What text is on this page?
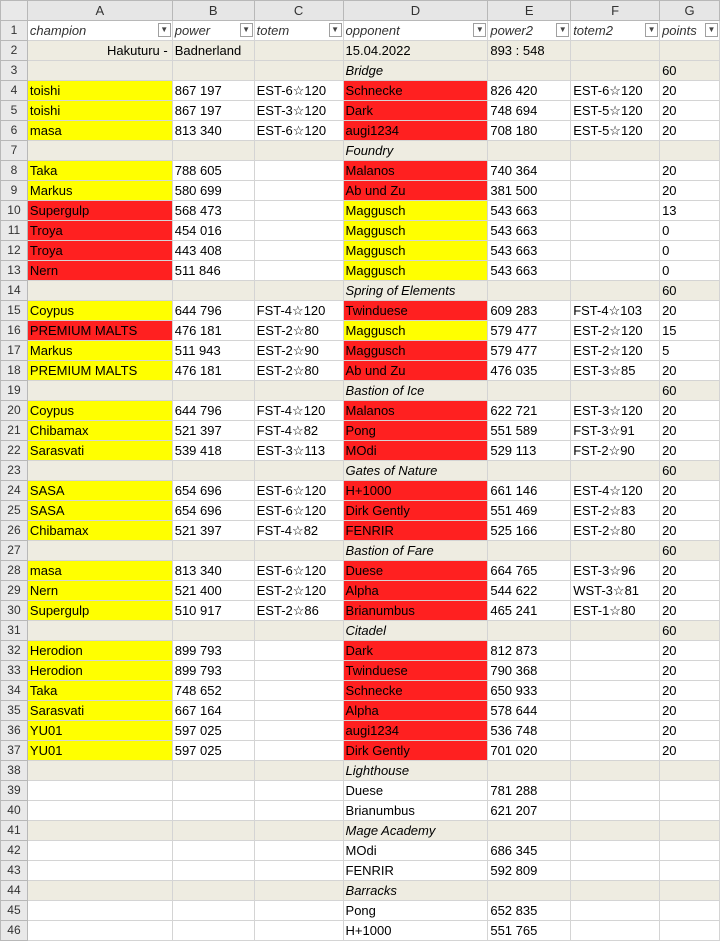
	A	B	C	D	E	F	G
1	champion ▼	power ▼	totem ▼	opponent ▼	power2 ▼	totem2 ▼	points ▼

2	Hakuturu -	Badnerland		15.04.2022	893 : 548		
3				Bridge			60
4	toishi	867 197	EST-6☆120	Schnecke	826 420	EST-6☆120	20
5	toishi	867 197	EST-3☆120	Dark	748 694	EST-5☆120	20
6	masa	813 340	EST-6☆120	augi1234	708 180	EST-5☆120	20
7				Foundry			
8	Taka	788 605		Malanos	740 364		20
9	Markus	580 699		Ab und Zu	381 500		20
10	Supergulp	568 473		Maggusch	543 663		13
11	Troya	454 016		Maggusch	543 663		0
12	Troya	443 408		Maggusch	543 663		0
13	Nern	511 846		Maggusch	543 663		0
14				Spring of Elements			60
15	Coypus	644 796	FST-4☆120	Twinduese	609 283	FST-4☆103	20
16	PREMIUM MALTS	476 181	EST-2☆80	Maggusch	579 477	EST-2☆120	15
17	Markus	511 943	EST-2☆90	Maggusch	579 477	EST-2☆120	5
18	PREMIUM MALTS	476 181	EST-2☆80	Ab und Zu	476 035	EST-3☆85	20
19				Bastion of Ice			60
20	Coypus	644 796	FST-4☆120	Malanos	622 721	EST-3☆120	20
21	Chibamax	521 397	FST-4☆82	Pong	551 589	FST-3☆91	20
22	Sarasvati	539 418	EST-3☆113	MOdi	529 113	FST-2☆90	20
23				Gates of Nature			60
24	SASA	654 696	EST-6☆120	H+1000	661 146	EST-4☆120	20
25	SASA	654 696	EST-6☆120	Dirk Gently	551 469	EST-2☆83	20
26	Chibamax	521 397	FST-4☆82	FENRIR	525 166	EST-2☆80	20
27				Bastion of Fare			60
28	masa	813 340	EST-6☆120	Duese	664 765	EST-3☆96	20
29	Nern	521 400	EST-2☆120	Alpha	544 622	WST-3☆81	20
30	Supergulp	510 917	EST-2☆86	Brianumbus	465 241	EST-1☆80	20
31				Citadel			60
32	Herodion	899 793		Dark	812 873		20
33	Herodion	899 793		Twinduese	790 368		20
34	Taka	748 652		Schnecke	650 933		20
35	Sarasvati	667 164		Alpha	578 644		20
36	YU01	597 025		augi1234	536 748		20
37	YU01	597 025		Dirk Gently	701 020		20
38				Lighthouse			
39				Duese	781 288		
40				Brianumbus	621 207		
41				Mage Academy			
42				MOdi	686 345		
43				FENRIR	592 809		
44				Barracks			
45				Pong	652 835		
46				H+1000	551 765		
